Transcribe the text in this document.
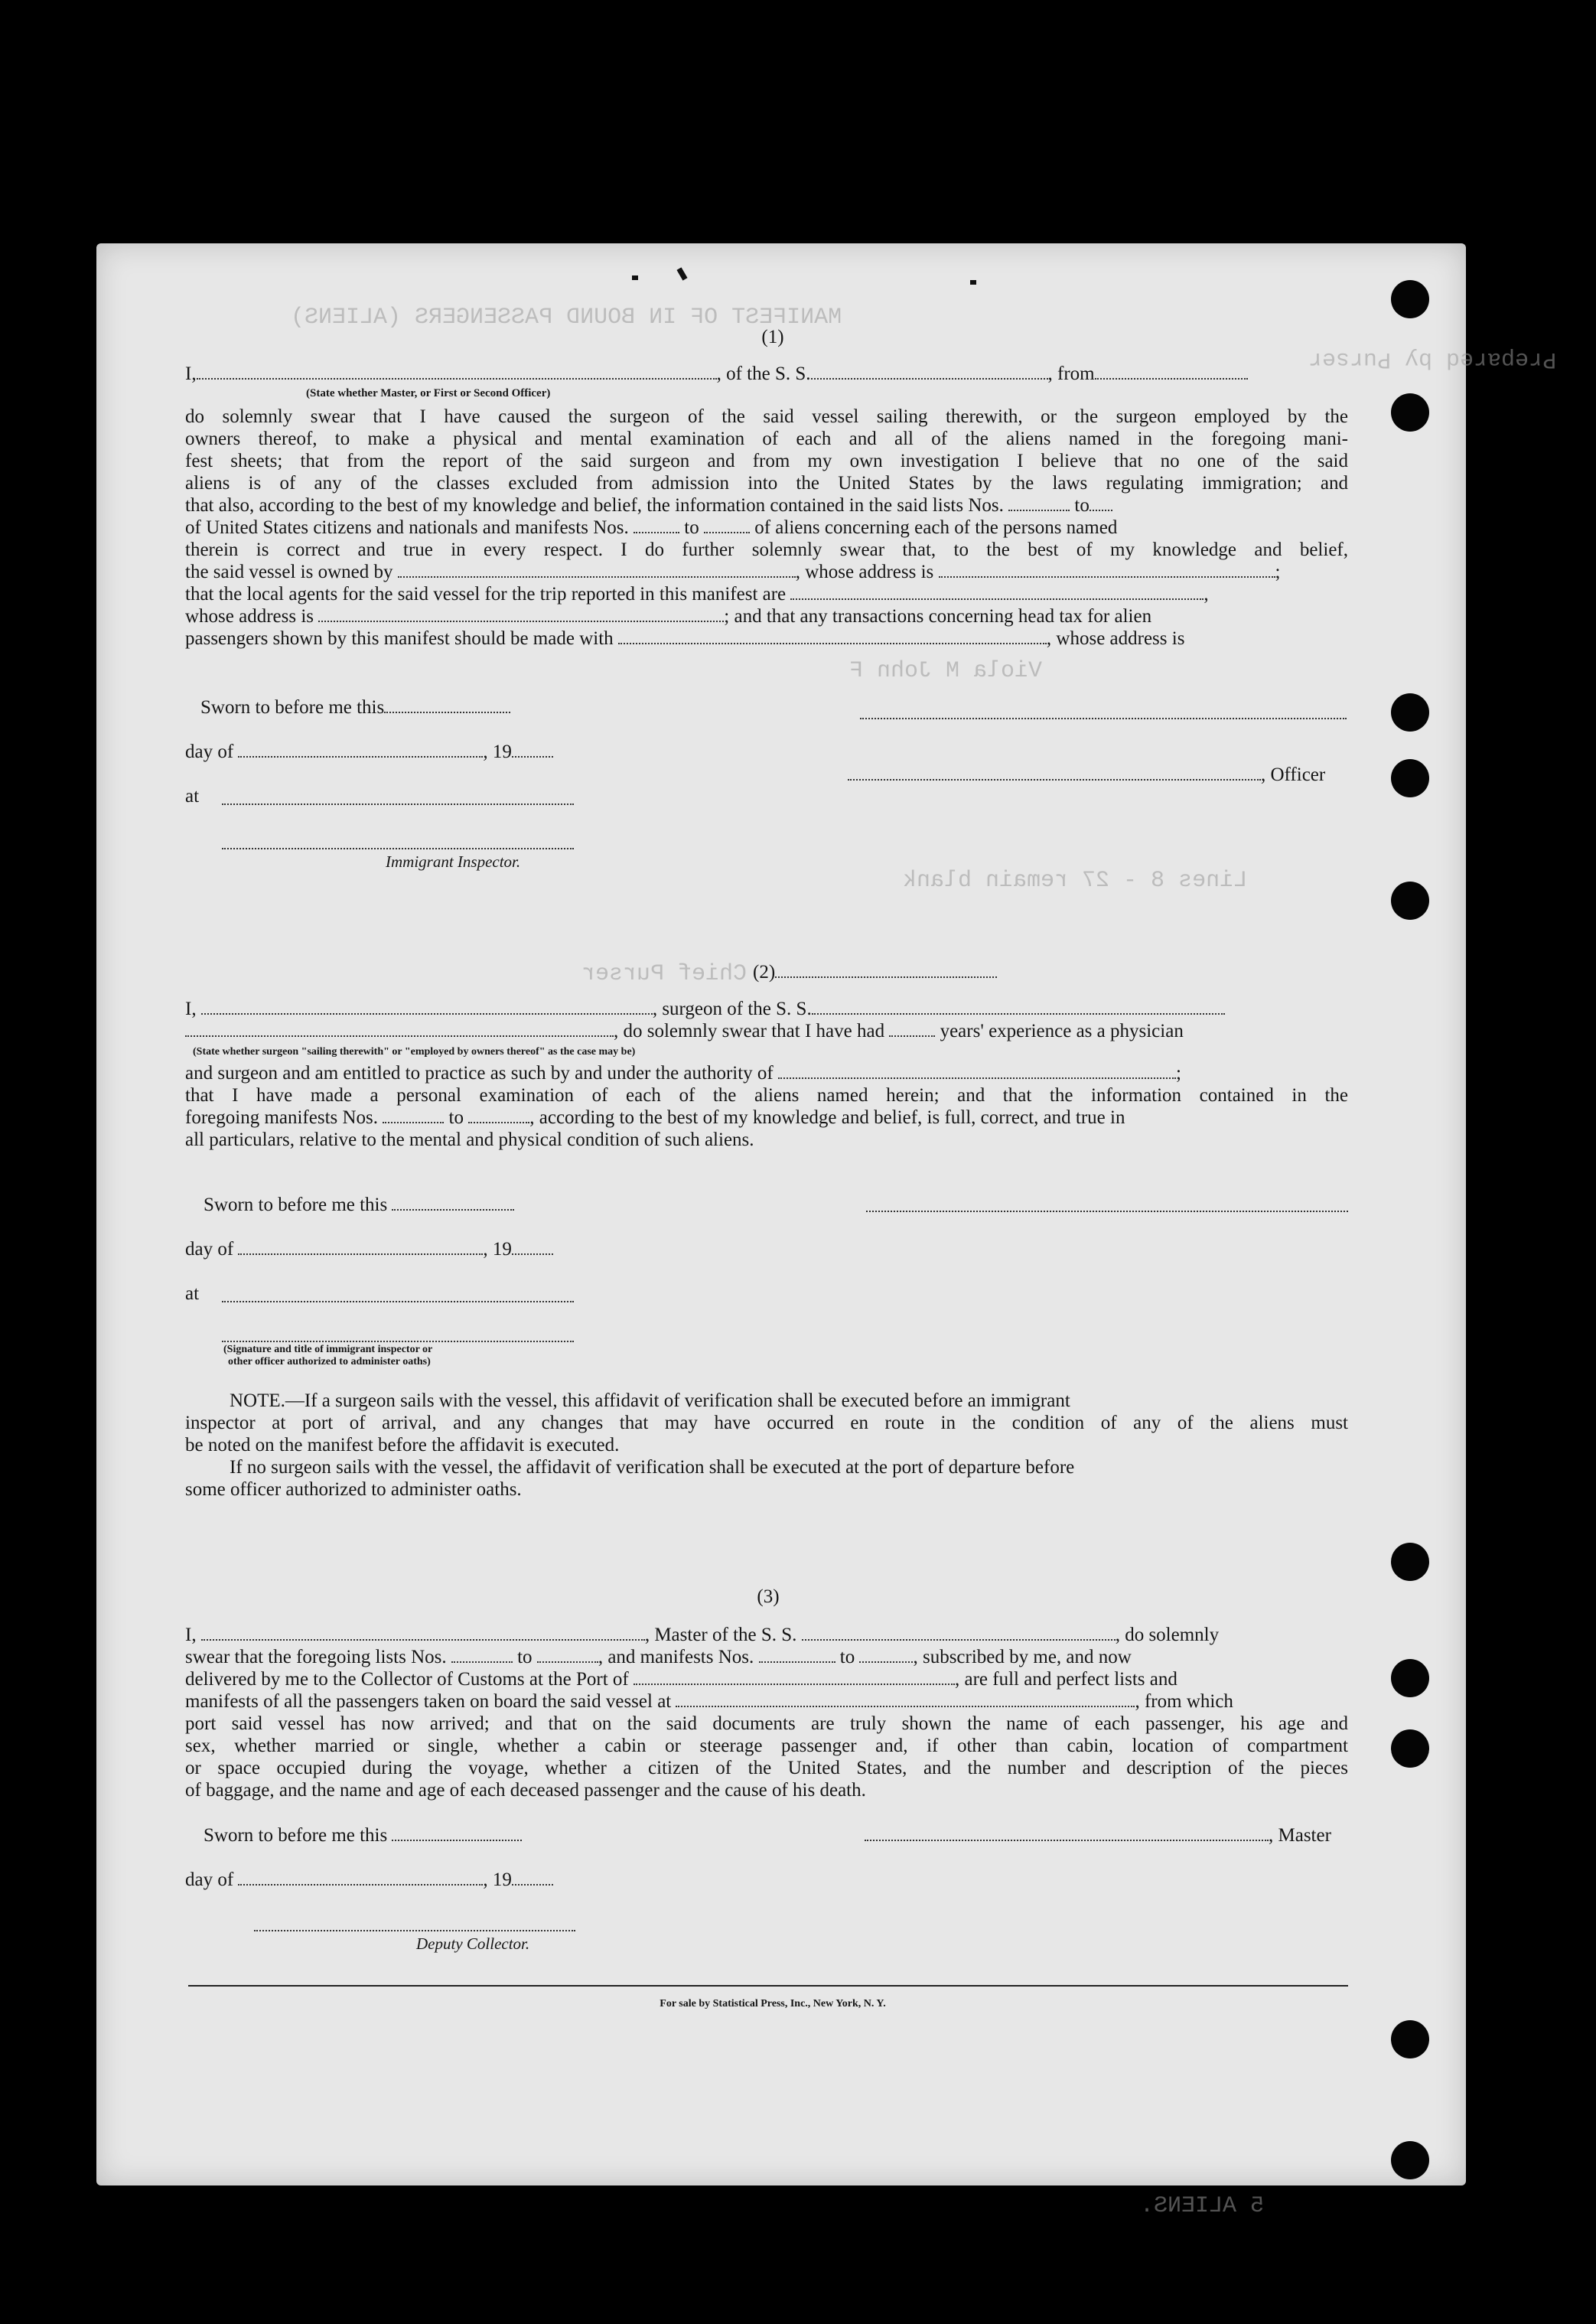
MANIFEST OF IN BOUND PASSENGERS (ALIENS)
Prepared by Purser
Viola M John F
Lines 8 - 27 remain blank
Chief Purser
5 ALIENS.
(1)
I,	, of the S. S.	, from
(State whether Master, or First or Second Officer)
do solemnly swear that I have caused the surgeon of the said vessel sailing therewith, or the surgeon employed by the
owners thereof, to make a physical and mental examination of each and all of the aliens named in the foregoing mani-
fest sheets; that from the report of the said surgeon and from my own investigation I believe that no one of the said
aliens is of any of the classes excluded from admission into the United States by the laws regulating immigration; and
that also, according to the best of my knowledge and belief, the information contained in the said lists Nos.	to
of United States citizens and nationals and manifests Nos.	to	of aliens concerning each of the persons named
therein is correct and true in every respect. I do further solemnly swear that, to the best of my knowledge and belief,
the said vessel is owned by	, whose address is	;
that the local agents for the said vessel for the trip reported in this manifest are	,
whose address is	; and that any transactions concerning head tax for alien
passengers shown by this manifest should be made with	, whose address is
Sworn to before me this
day of	, 19
at
Immigrant Inspector.
, Officer
(2)
I,	, surgeon of the S. S.
, do solemnly swear that I have had	years' experience as a physician
(State whether surgeon "sailing therewith" or "employed by owners thereof" as the case may be)
and surgeon and am entitled to practice as such by and under the authority of	;
that I have made a personal examination of each of the aliens named herein; and that the information contained in the
foregoing manifests Nos.	to	, according to the best of my knowledge and belief, is full, correct, and true in
all particulars, relative to the mental and physical condition of such aliens.
Sworn to before me this
day of	, 19
at
(Signature and title of immigrant inspector or
other officer authorized to administer oaths)
NOTE.—If a surgeon sails with the vessel, this affidavit of verification shall be executed before an immigrant
inspector at port of arrival, and any changes that may have occurred en route in the condition of any of the aliens must
be noted on the manifest before the affidavit is executed.
If no surgeon sails with the vessel, the affidavit of verification shall be executed at the port of departure before
some officer authorized to administer oaths.
(3)
I,	, Master of the S. S.	, do solemnly
swear that the foregoing lists Nos.	to	, and manifests Nos.	to	, subscribed by me, and now
delivered by me to the Collector of Customs at the Port of	, are full and perfect lists and
manifests of all the passengers taken on board the said vessel at	, from which
port said vessel has now arrived; and that on the said documents are truly shown the name of each passenger, his age and
sex, whether married or single, whether a cabin or steerage passenger and, if other than cabin, location of compartment
or space occupied during the voyage, whether a citizen of the United States, and the number and description of the pieces
of baggage, and the name and age of each deceased passenger and the cause of his death.
Sworn to before me this	, Master
day of	, 19
Deputy Collector.
For sale by Statistical Press, Inc., New York, N. Y.
